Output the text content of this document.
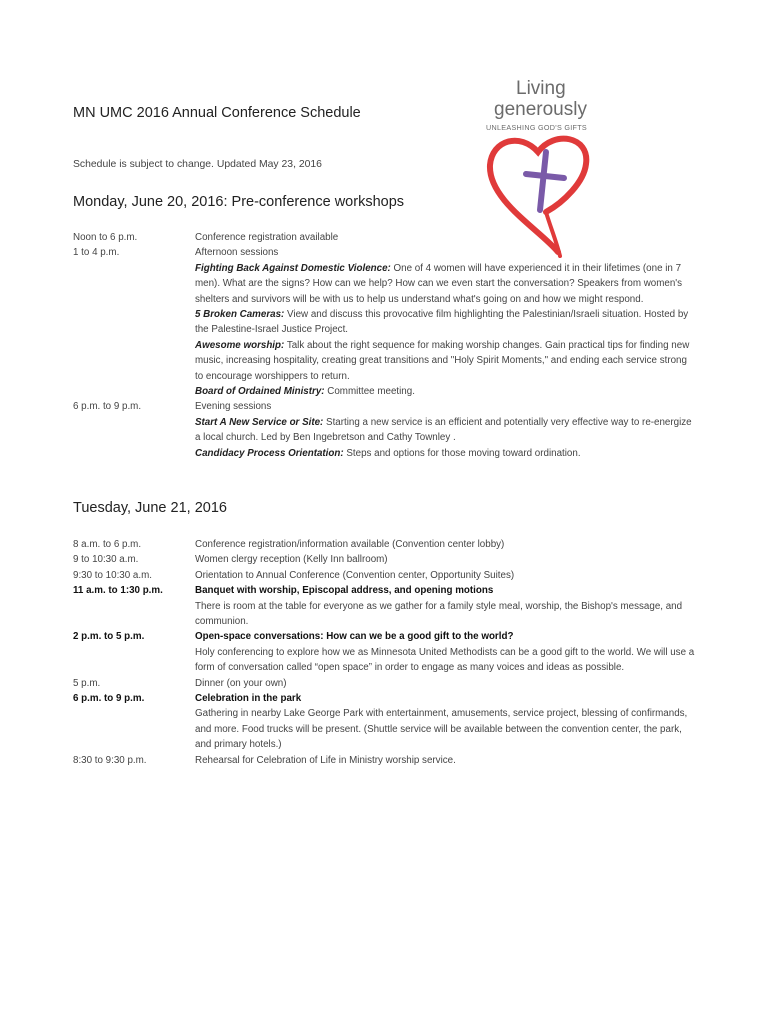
MN UMC 2016 Annual Conference Schedule
Schedule is subject to change. Updated May 23, 2016
Living
generously
UNLEASHING GOD'S GIFTS
Monday, June 20, 2016: Pre-conference workshops
Noon to 6 p.m.	Conference registration available
1 to 4 p.m.	Afternoon sessions

Fighting Back Against Domestic Violence: One of 4 women will have experienced it in their lifetimes (one in 7 men). What are the signs? How can we help? How can we even start the conversation? Speakers from women's shelters and survivors will be with us to help us understand what's going on and how we might respond.

5 Broken Cameras: View and discuss this provocative film highlighting the Palestinian/Israeli situation. Hosted by the Palestine-Israel Justice Project.

Awesome worship: Talk about the right sequence for making worship changes. Gain practical tips for finding new music, increasing hospitality, creating great transitions and "Holy Spirit Moments," and ending each service strong to encourage worshippers to return.

Board of Ordained Ministry: Committee meeting.

6 p.m. to 9 p.m.	Evening sessions

Start A New Service or Site: Starting a new service is an efficient and potentially very effective way to re-energize a local church. Led by Ben Ingebretson and Cathy Townley .

Candidacy Process Orientation: Steps and options for those moving toward ordination.

Tuesday, June 21, 2016
8 a.m. to 6 p.m.	Conference registration/information available (Convention center lobby)
9 to 10:30 a.m.	Women clergy reception (Kelly Inn ballroom)
9:30 to 10:30 a.m.	Orientation to Annual Conference (Convention center, Opportunity Suites)
11 a.m. to 1:30 p.m.	Banquet with worship, Episcopal address, and opening motions
There is room at the table for everyone as we gather for a family style meal, worship, the Bishop's message, and communion.
2 p.m. to 5 p.m.	Open-space conversations: How can we be a good gift to the world?
Holy conferencing to explore how we as Minnesota United Methodists can be a good gift to the world. We will use a form of conversation called “open space” in order to engage as many voices and ideas as possible.
5 p.m.	Dinner (on your own)
6 p.m. to 9 p.m.	Celebration in the park
Gathering in nearby Lake George Park with entertainment, amusements, service project, blessing of confirmands, and more. Food trucks will be present. (Shuttle service will be available between the convention center, the park, and primary hotels.)
8:30 to 9:30 p.m.	Rehearsal for Celebration of Life in Ministry worship service.
